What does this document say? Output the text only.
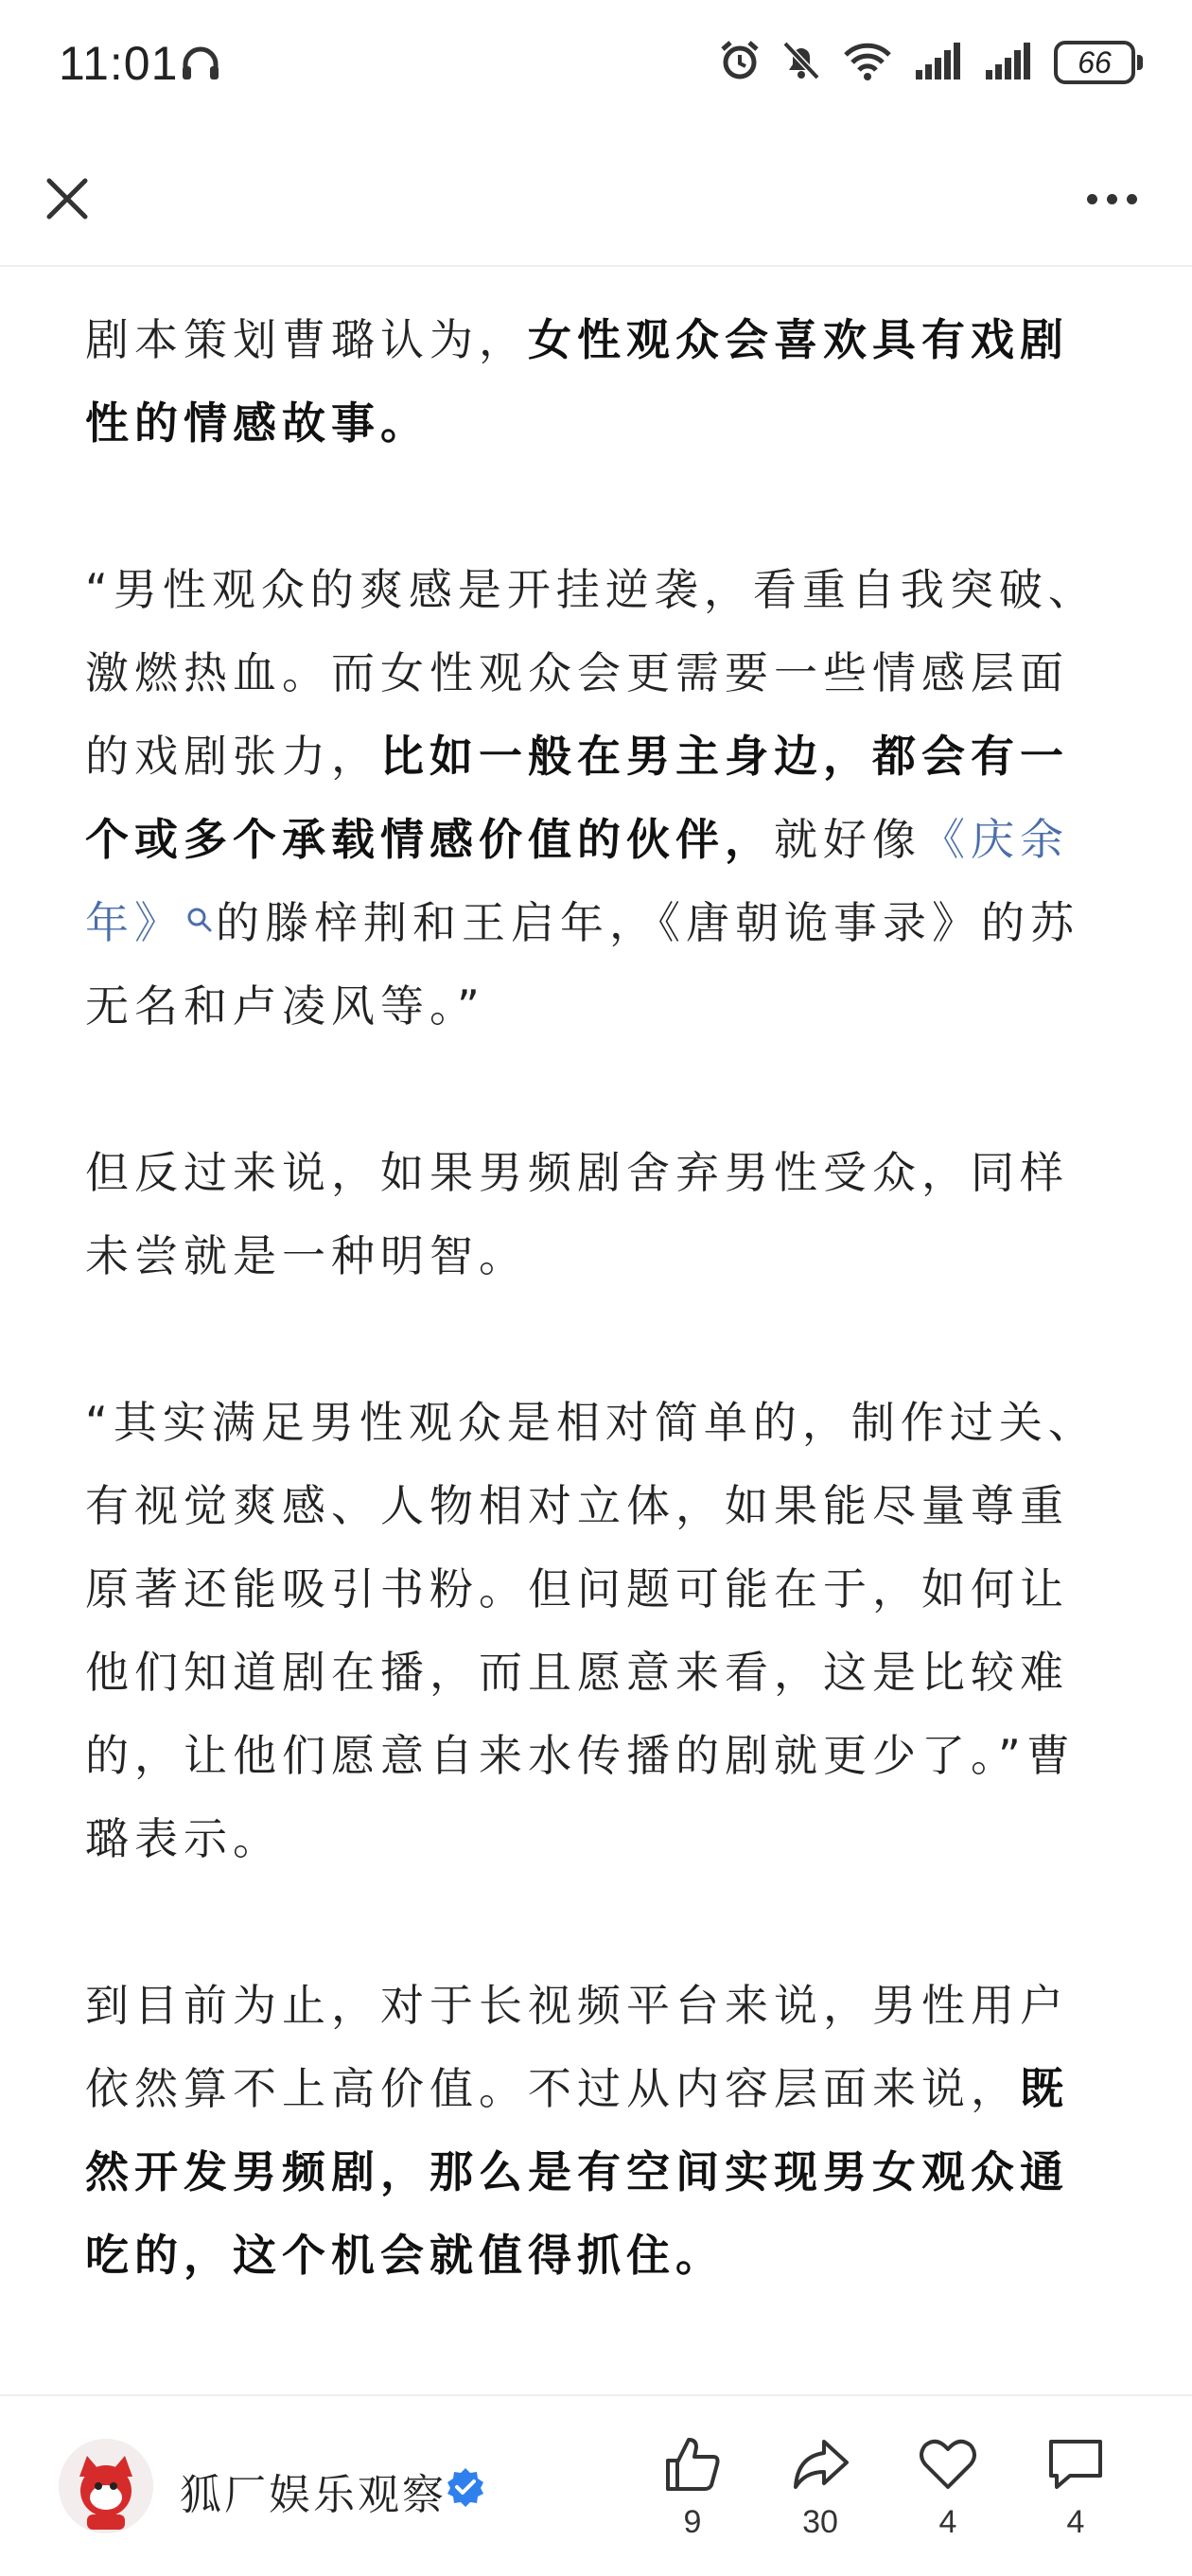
11:01	66

剧本策划曹璐认为，女性观众会喜欢具有戏剧性的情感故事。

“男性观众的爽感是开挂逆袭，看重自我突破、激燃热血。而女性观众会更需要一些情感层面的戏剧张力，比如一般在男主身边，都会有一个或多个承载情感价值的伙伴，就好像《庆余年》 的滕梓荆和王启年，《唐朝诡事录》的苏无名和卢凌风等。”

但反过来说，如果男频剧舍弃男性受众，同样未尝就是一种明智。

“其实满足男性观众是相对简单的，制作过关、有视觉爽感、人物相对立体，如果能尽量尊重原著还能吸引书粉。但问题可能在于，如何让他们知道剧在播，而且愿意来看，这是比较难的，让他们愿意自来水传播的剧就更少了。”曹璐表示。

到目前为止，对于长视频平台来说，男性用户依然算不上高价值。不过从内容层面来说，既然开发男频剧，那么是有空间实现男女观众通吃的，这个机会就值得抓住。

狐厂娱乐观察
9	30	4	4
